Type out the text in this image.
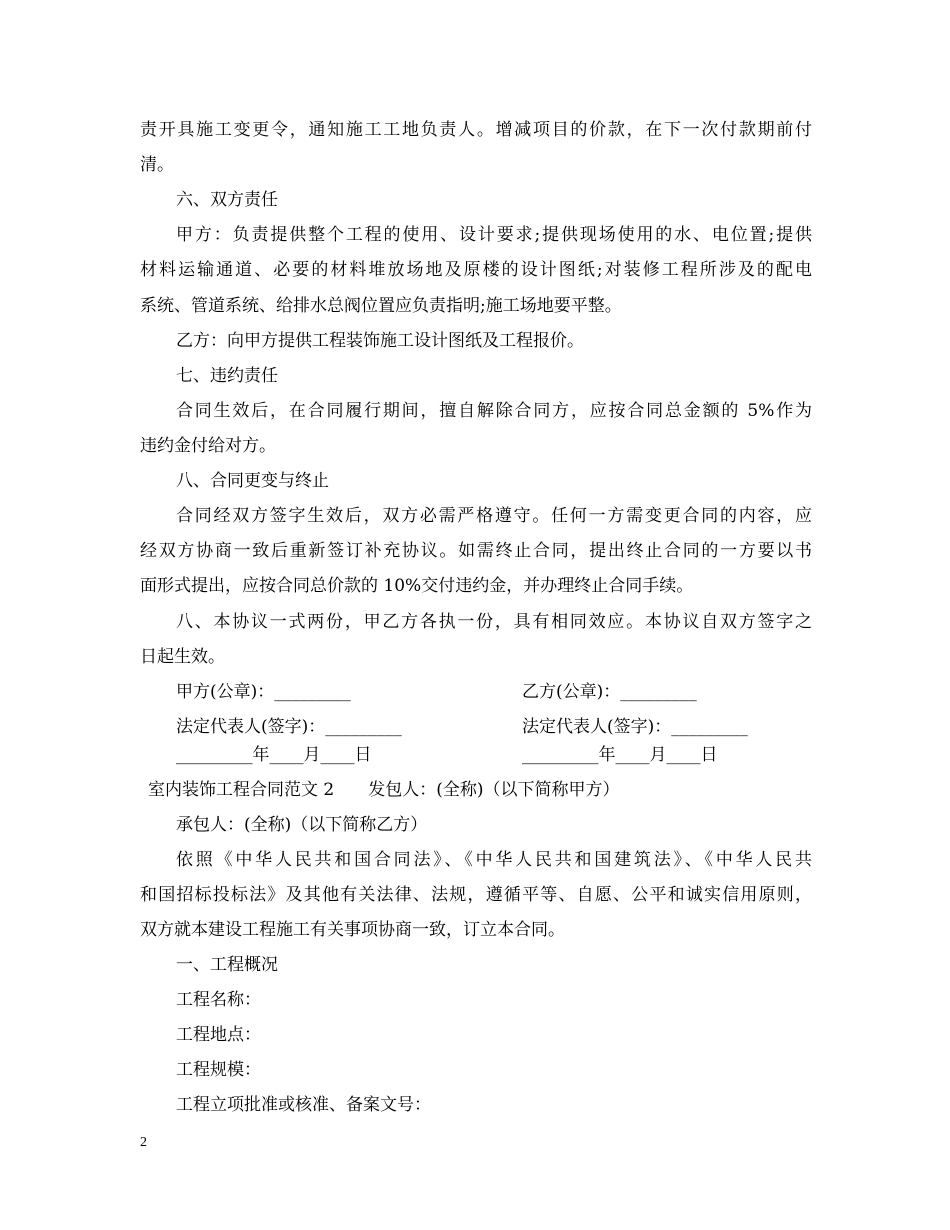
责开具施工变更令，通知施工工地负责人。增减项目的价款，在下一次付款期前付
清。
六、双方责任
甲方：负责提供整个工程的使用、设计要求;提供现场使用的水、电位置;提供
材料运输通道、必要的材料堆放场地及原楼的设计图纸;对装修工程所涉及的配电
系统、管道系统、给排水总阀位置应负责指明;施工场地要平整。
乙方：向甲方提供工程装饰施工设计图纸及工程报价。
七、违约责任
合同生效后，在合同履行期间，擅自解除合同方，应按合同总金额的 5%作为
违约金付给对方。
八、合同更变与终止
合同经双方签字生效后，双方必需严格遵守。任何一方需变更合同的内容，应
经双方协商一致后重新签订补充协议。如需终止合同，提出终止合同的一方要以书
面形式提出，应按合同总价款的 10%交付违约金，并办理终止合同手续。
八、本协议一式两份，甲乙方各执一份，具有相同效应。本协议自双方签字之
日起生效。
甲方(公章)：_________	乙方(公章)：_________
法定代表人(签字)：_________	法定代表人(签字)：_________
_________年____月____日	_________年____月____日
室内装饰工程合同范文 2　　发包人：(全称)（以下简称甲方）
承包人：(全称)（以下简称乙方）
依照《中华人民共和国合同法》、《中华人民共和国建筑法》、《中华人民共
和国招标投标法》及其他有关法律、法规，遵循平等、自愿、公平和诚实信用原则，
双方就本建设工程施工有关事项协商一致，订立本合同。
一、工程概况
工程名称：
工程地点：
工程规模：
工程立项批准或核准、备案文号：
2
